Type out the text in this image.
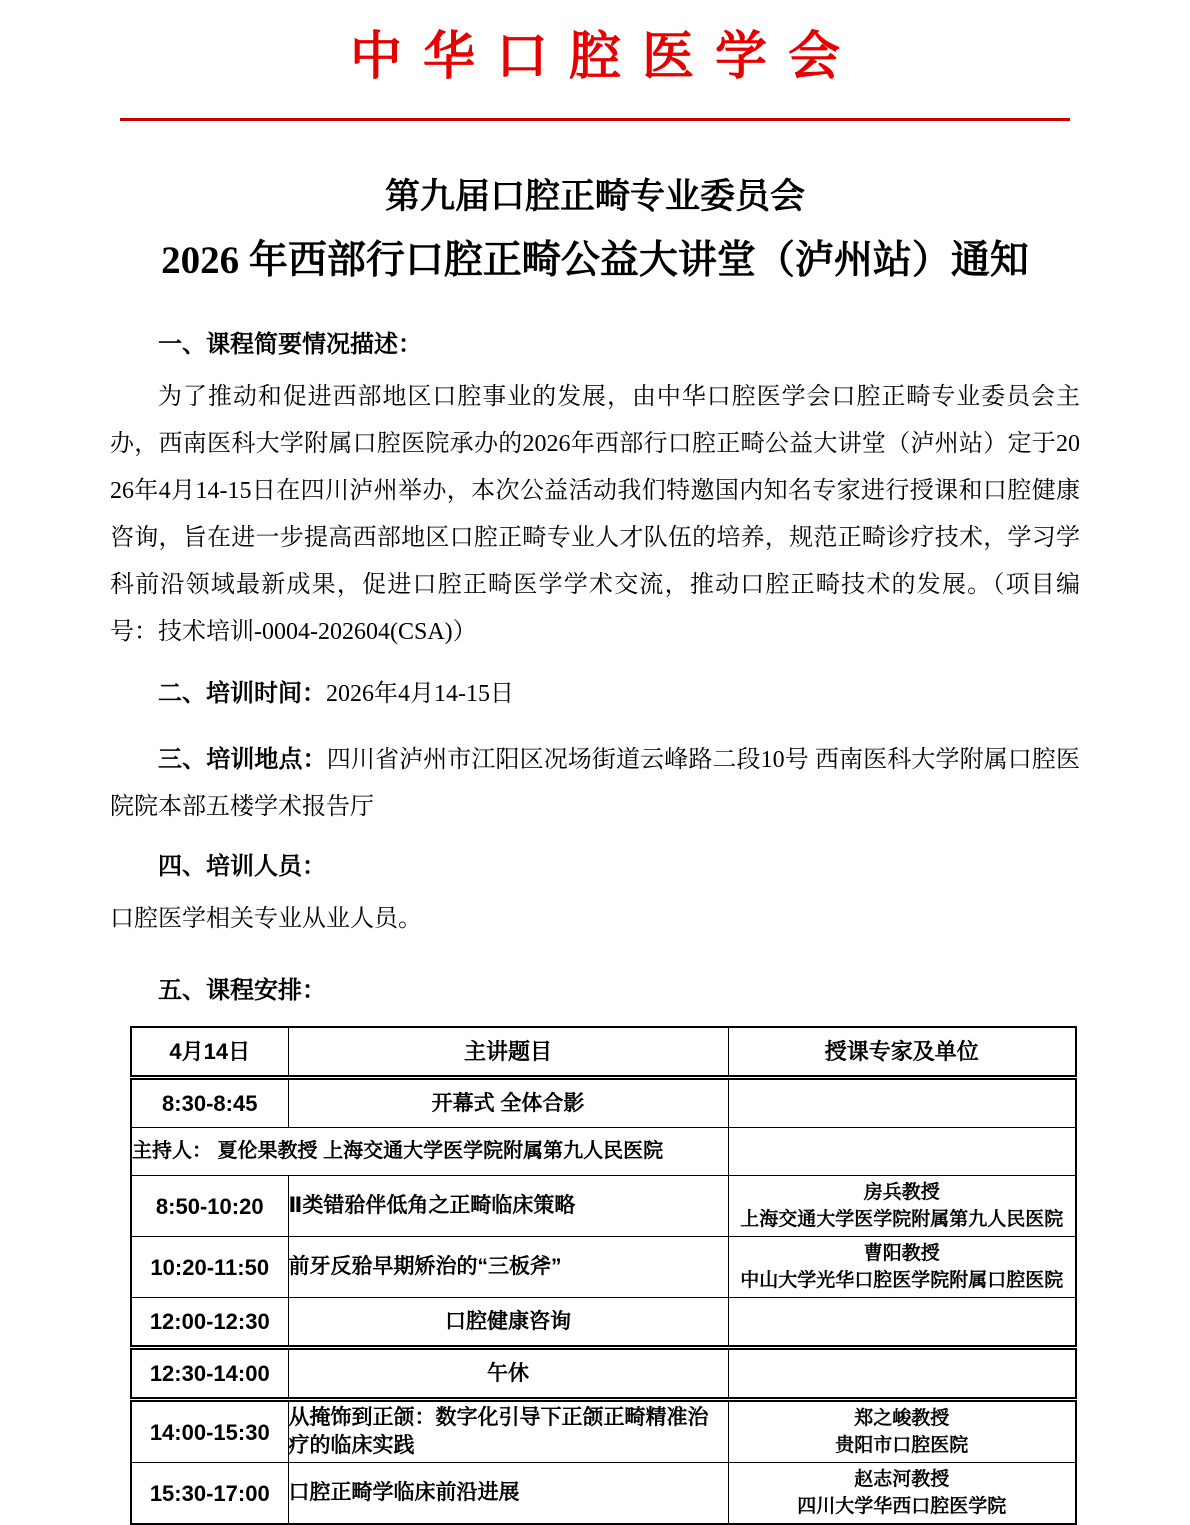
中华口腔医学会
第九届口腔正畸专业委员会
2026 年西部行口腔正畸公益大讲堂（泸州站）通知

一、课程简要情况描述：

为了推动和促进西部地区口腔事业的发展，由中华口腔医学会口腔正畸专业委员会主办，西南医科大学附属口腔医院承办的2026年西部行口腔正畸公益大讲堂（泸州站）定于2026年4月14-15日在四川泸州举办，本次公益活动我们特邀国内知名专家进行授课和口腔健康咨询，旨在进一步提高西部地区口腔正畸专业人才队伍的培养，规范正畸诊疗技术，学习学科前沿领域最新成果，促进口腔正畸医学学术交流，推动口腔正畸技术的发展。（项目编号：技术培训-0004-202604(CSA)）

二、培训时间：2026年4月14-15日

三、培训地点：四川省泸州市江阳区况场街道云峰路二段10号 西南医科大学附属口腔医院院本部五楼学术报告厅

四、培训人员：

口腔医学相关专业从业人员。

五、课程安排：

4月14日	主讲题目	授课专家及单位
8:30-8:45	开幕式 全体合影	
主持人： 夏伦果教授 上海交通大学医学院附属第九人民医院		
8:50-10:20	Ⅱ类错𬌗伴低角之正畸临床策略	房兵教授
上海交通大学医学院附属第九人民医院

10:20-11:50	前牙反𬌗早期矫治的“三板斧”	曹阳教授
中山大学光华口腔医学院附属口腔医院

12:00-12:30	口腔健康咨询	
12:30-14:00	午休	
14:00-15:30	从掩饰到正颌：数字化引导下正颌正畸精准治疗的临床实践	郑之峻教授
贵阳市口腔医院

15:30-17:00	口腔正畸学临床前沿进展	赵志河教授
四川大学华西口腔医学院
